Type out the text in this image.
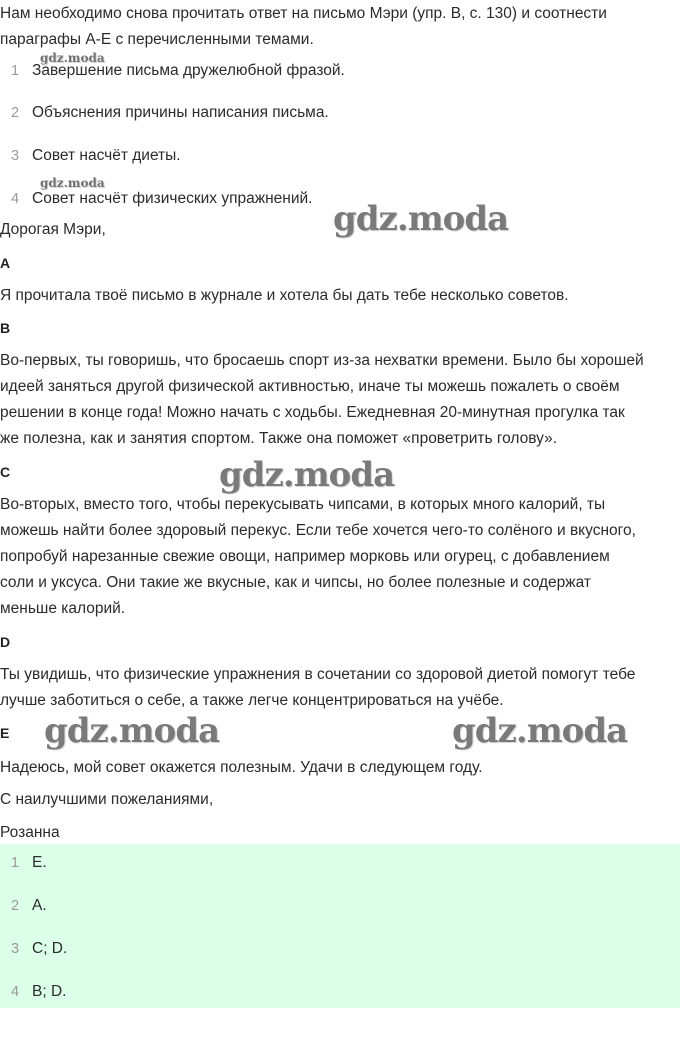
Нам необходимо снова прочитать ответ на письмо Мэри (упр. B, с. 130) и соотнести
параграфы A-E с перечисленными темами.
1 Завершение письма дружелюбной фразой.
2 Объяснения причины написания письма.
3 Совет насчёт диеты.
4 Совет насчёт физических упражнений.
Дорогая Мэри,
A
Я прочитала твоё письмо в журнале и хотела бы дать тебе несколько советов.
B
Во-первых, ты говоришь, что бросаешь спорт из-за нехватки времени. Было бы хорошей
идеей заняться другой физической активностью, иначе ты можешь пожалеть о своём
решении в конце года! Можно начать с ходьбы. Ежедневная 20-минутная прогулка так
же полезна, как и занятия спортом. Также она поможет «проветрить голову».
C
Во-вторых, вместо того, чтобы перекусывать чипсами, в которых много калорий, ты
можешь найти более здоровый перекус. Если тебе хочется чего-то солёного и вкусного,
попробуй нарезанные свежие овощи, например морковь или огурец, с добавлением
соли и уксуса. Они такие же вкусные, как и чипсы, но более полезные и содержат
меньше калорий.
D
Ты увидишь, что физические упражнения в сочетании со здоровой диетой помогут тебе
лучше заботиться о себе, а также легче концентрироваться на учёбе.
E
Надеюсь, мой совет окажется полезным. Удачи в следующем году.
С наилучшими пожеланиями,
Розанна
1 E.
2 A.
3 C; D.
4 B; D.
gdz.moda
gdz.moda
gdz.moda
gdz.moda
gdz.moda	gdz.moda
